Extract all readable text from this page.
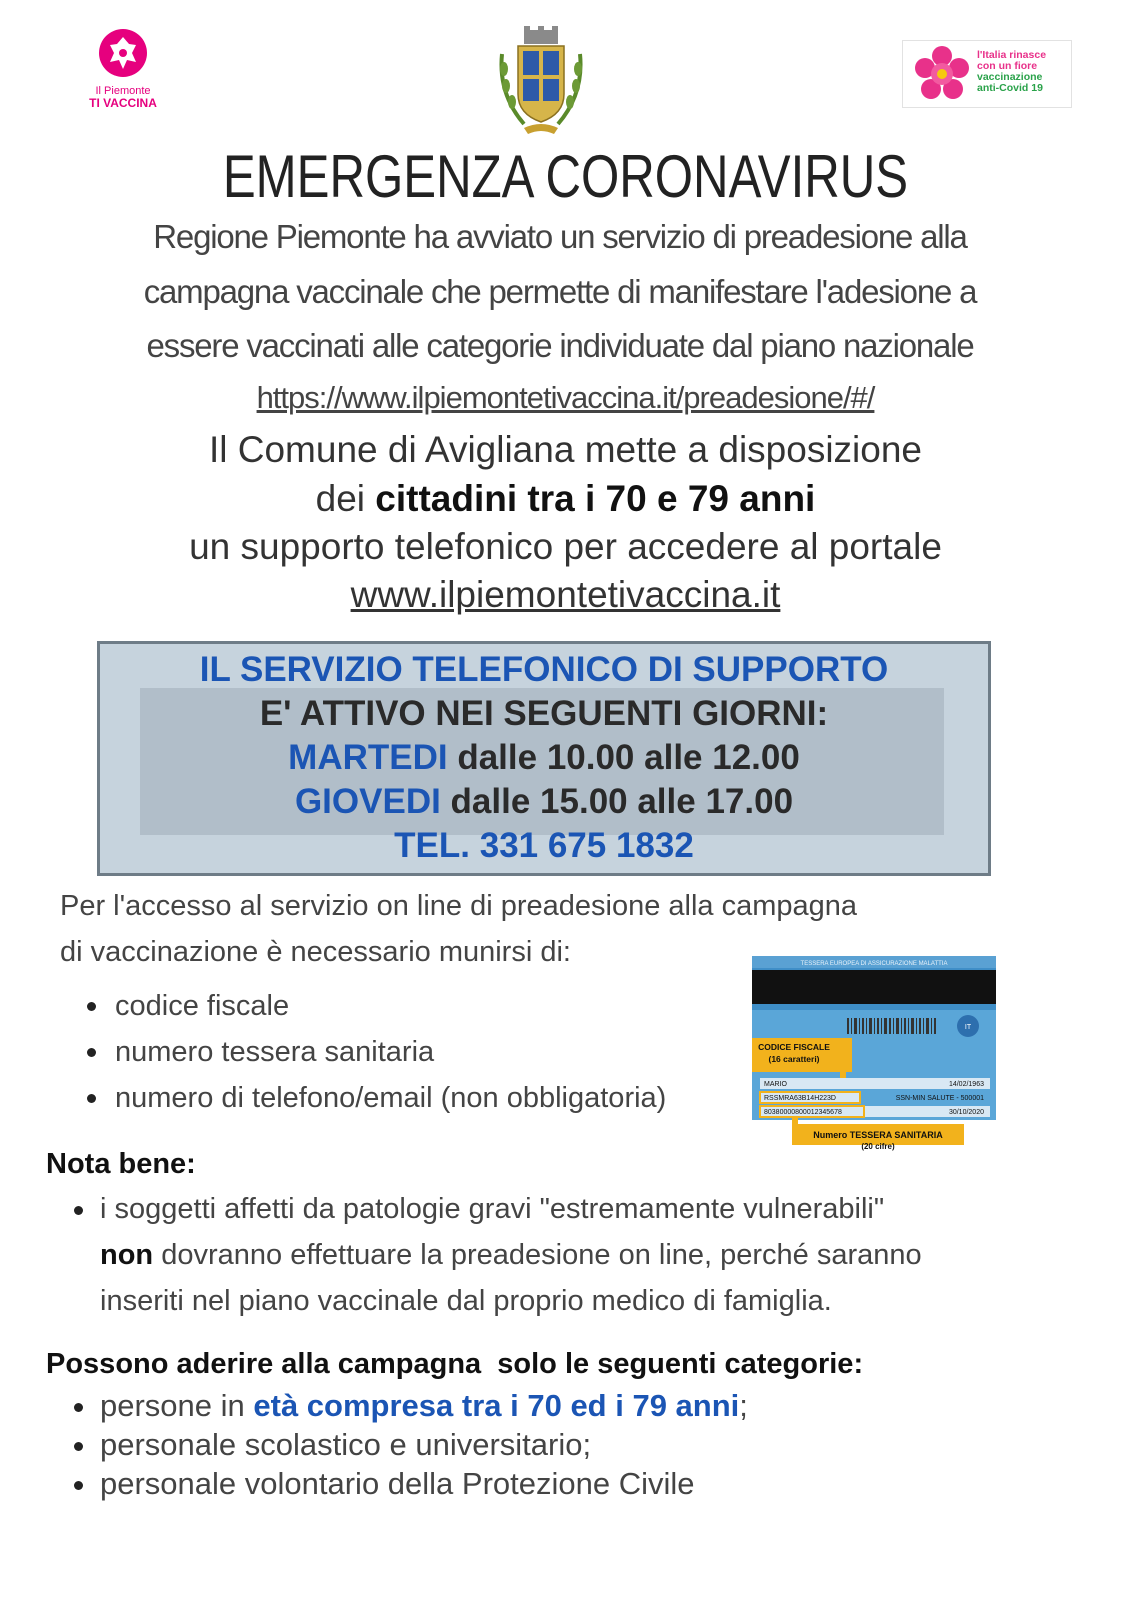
Il Piemonte
TI VACCINA
l'Italia rinasce
con un fiore
vaccinazione
anti-Covid 19
EMERGENZA CORONAVIRUS
Regione Piemonte ha avviato un servizio di preadesione alla
campagna vaccinale che permette di manifestare l'adesione a
essere vaccinati alle categorie individuate dal piano nazionale
https://www.ilpiemontetivaccina.it/preadesione/#/
Il Comune di Avigliana mette a disposizione
dei cittadini tra i 70 e 79 anni
un supporto telefonico per accedere al portale
www.ilpiemontetivaccina.it
IL SERVIZIO TELEFONICO DI SUPPORTO
E' ATTIVO NEI SEGUENTI GIORNI:
MARTEDI dalle 10.00 alle 12.00
GIOVEDI dalle 15.00 alle 17.00
TEL. 331 675 1832
Per l'accesso al servizio on line di preadesione alla campagna
di vaccinazione è necessario munirsi di:
codice fiscale
numero tessera sanitaria
numero di telefono/email (non obbligatoria)
TESSERA EUROPEA DI ASSICURAZIONE MALATTIA
IT
CODICE FISCALE
(16 caratteri)
MARIO	14/02/1963
RSSMRA63B14H223D	SSN-MIN SALUTE - 500001
80380000800012345678	30/10/2020
Numero TESSERA SANITARIA
(20 cifre)
Nota bene:
i soggetti affetti da patologie gravi "estremamente vulnerabili"
non dovranno effettuare la preadesione on line, perché saranno
inseriti nel piano vaccinale dal proprio medico di famiglia.
Possono aderire alla campagna  solo le seguenti categorie:
persone in età compresa tra i 70 ed i 79 anni;
personale scolastico e universitario;
personale volontario della Protezione Civile
